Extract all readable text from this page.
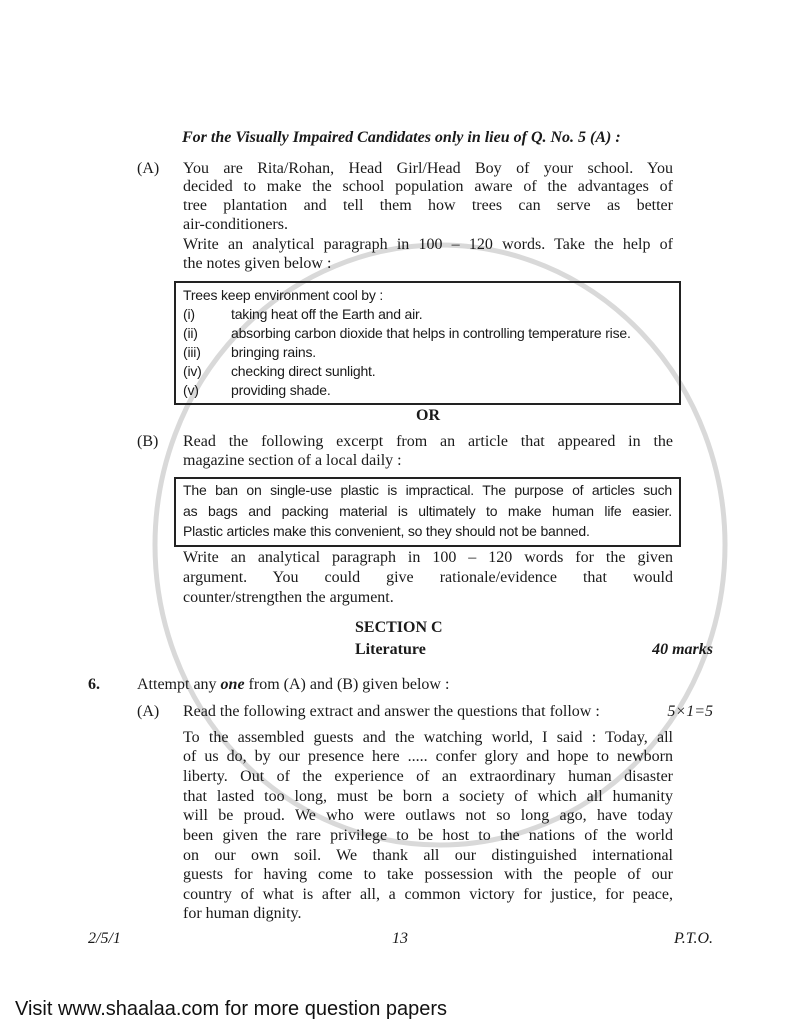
For the Visually Impaired Candidates only in lieu of Q. No. 5 (A) :
(A) You are Rita/Rohan, Head Girl/Head Boy of your school. You
decided to make the school population aware of the advantages of
tree plantation and tell them how trees can serve as better
air-conditioners.
Write an analytical paragraph in 100 – 120 words. Take the help of
the notes given below :
Trees keep environment cool by :
(i)	taking heat off the Earth and air.
(ii) absorbing carbon dioxide that helps in controlling temperature rise.
(iii) bringing rains.
(iv) checking direct sunlight.
(v) providing shade.
OR
(B) Read the following excerpt from an article that appeared in the
magazine section of a local daily :
The ban on single-use plastic is impractical. The purpose of articles such
as bags and packing material is ultimately to make human life easier.
Plastic articles make this convenient, so they should not be banned.
Write an analytical paragraph in 100 – 120 words for the given
argument. You could give rationale/evidence that would
counter/strengthen the argument.
SECTION C
Literature	40 marks
6. Attempt any one from (A) and (B) given below :
(A) Read the following extract and answer the questions that follow :	5×1=5
To the assembled guests and the watching world, I said : Today, all
of us do, by our presence here ..... confer glory and hope to newborn
liberty. Out of the experience of an extraordinary human disaster
that lasted too long, must be born a society of which all humanity
will be proud. We who were outlaws not so long ago, have today
been given the rare privilege to be host to the nations of the world
on our own soil. We thank all our distinguished international
guests for having come to take possession with the people of our
country of what is after all, a common victory for justice, for peace,
for human dignity.
2/5/1	13	P.T.O.
Visit www.shaalaa.com for more question papers
